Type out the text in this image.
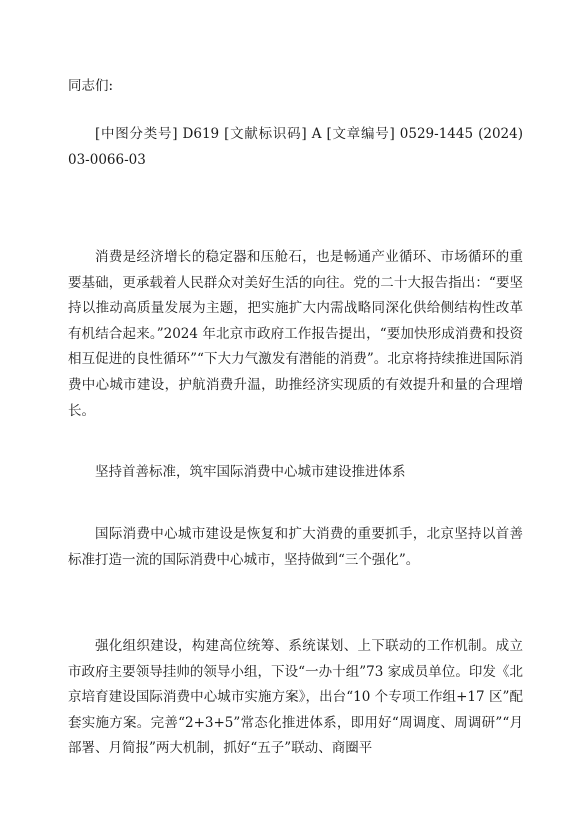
同志们:

[中图分类号] D619 [文献标识码] A [文章编号] 0529-1445 (2024) 03-0066-03

消费是经济增长的稳定器和压舱石，也是畅通产业循环、市场循环的重要基础，更承载着人民群众对美好生活的向往。党的二十大报告指出：“要坚持以推动高质量发展为主题，把实施扩大内需战略同深化供给侧结构性改革有机结合起来。”2024 年北京市政府工作报告提出，“要加快形成消费和投资相互促进的良性循环”“下大力气激发有潜能的消费”。北京将持续推进国际消费中心城市建设，护航消费升温，助推经济实现质的有效提升和量的合理增长。

坚持首善标准，筑牢国际消费中心城市建设推进体系

国际消费中心城市建设是恢复和扩大消费的重要抓手，北京坚持以首善标准打造一流的国际消费中心城市，坚持做到“三个强化”。

强化组织建设，构建高位统筹、系统谋划、上下联动的工作机制。成立市政府主要领导挂帅的领导小组，下设“一办十组”73 家成员单位。印发《北京培育建设国际消费中心城市实施方案》，出台“10 个专项工作组+17 区”配套实施方案。完善“2+3+5”常态化推进体系，即用好“周调度、周调研”“月部署、月简报”两大机制，抓好“五子”联动、商圈平
